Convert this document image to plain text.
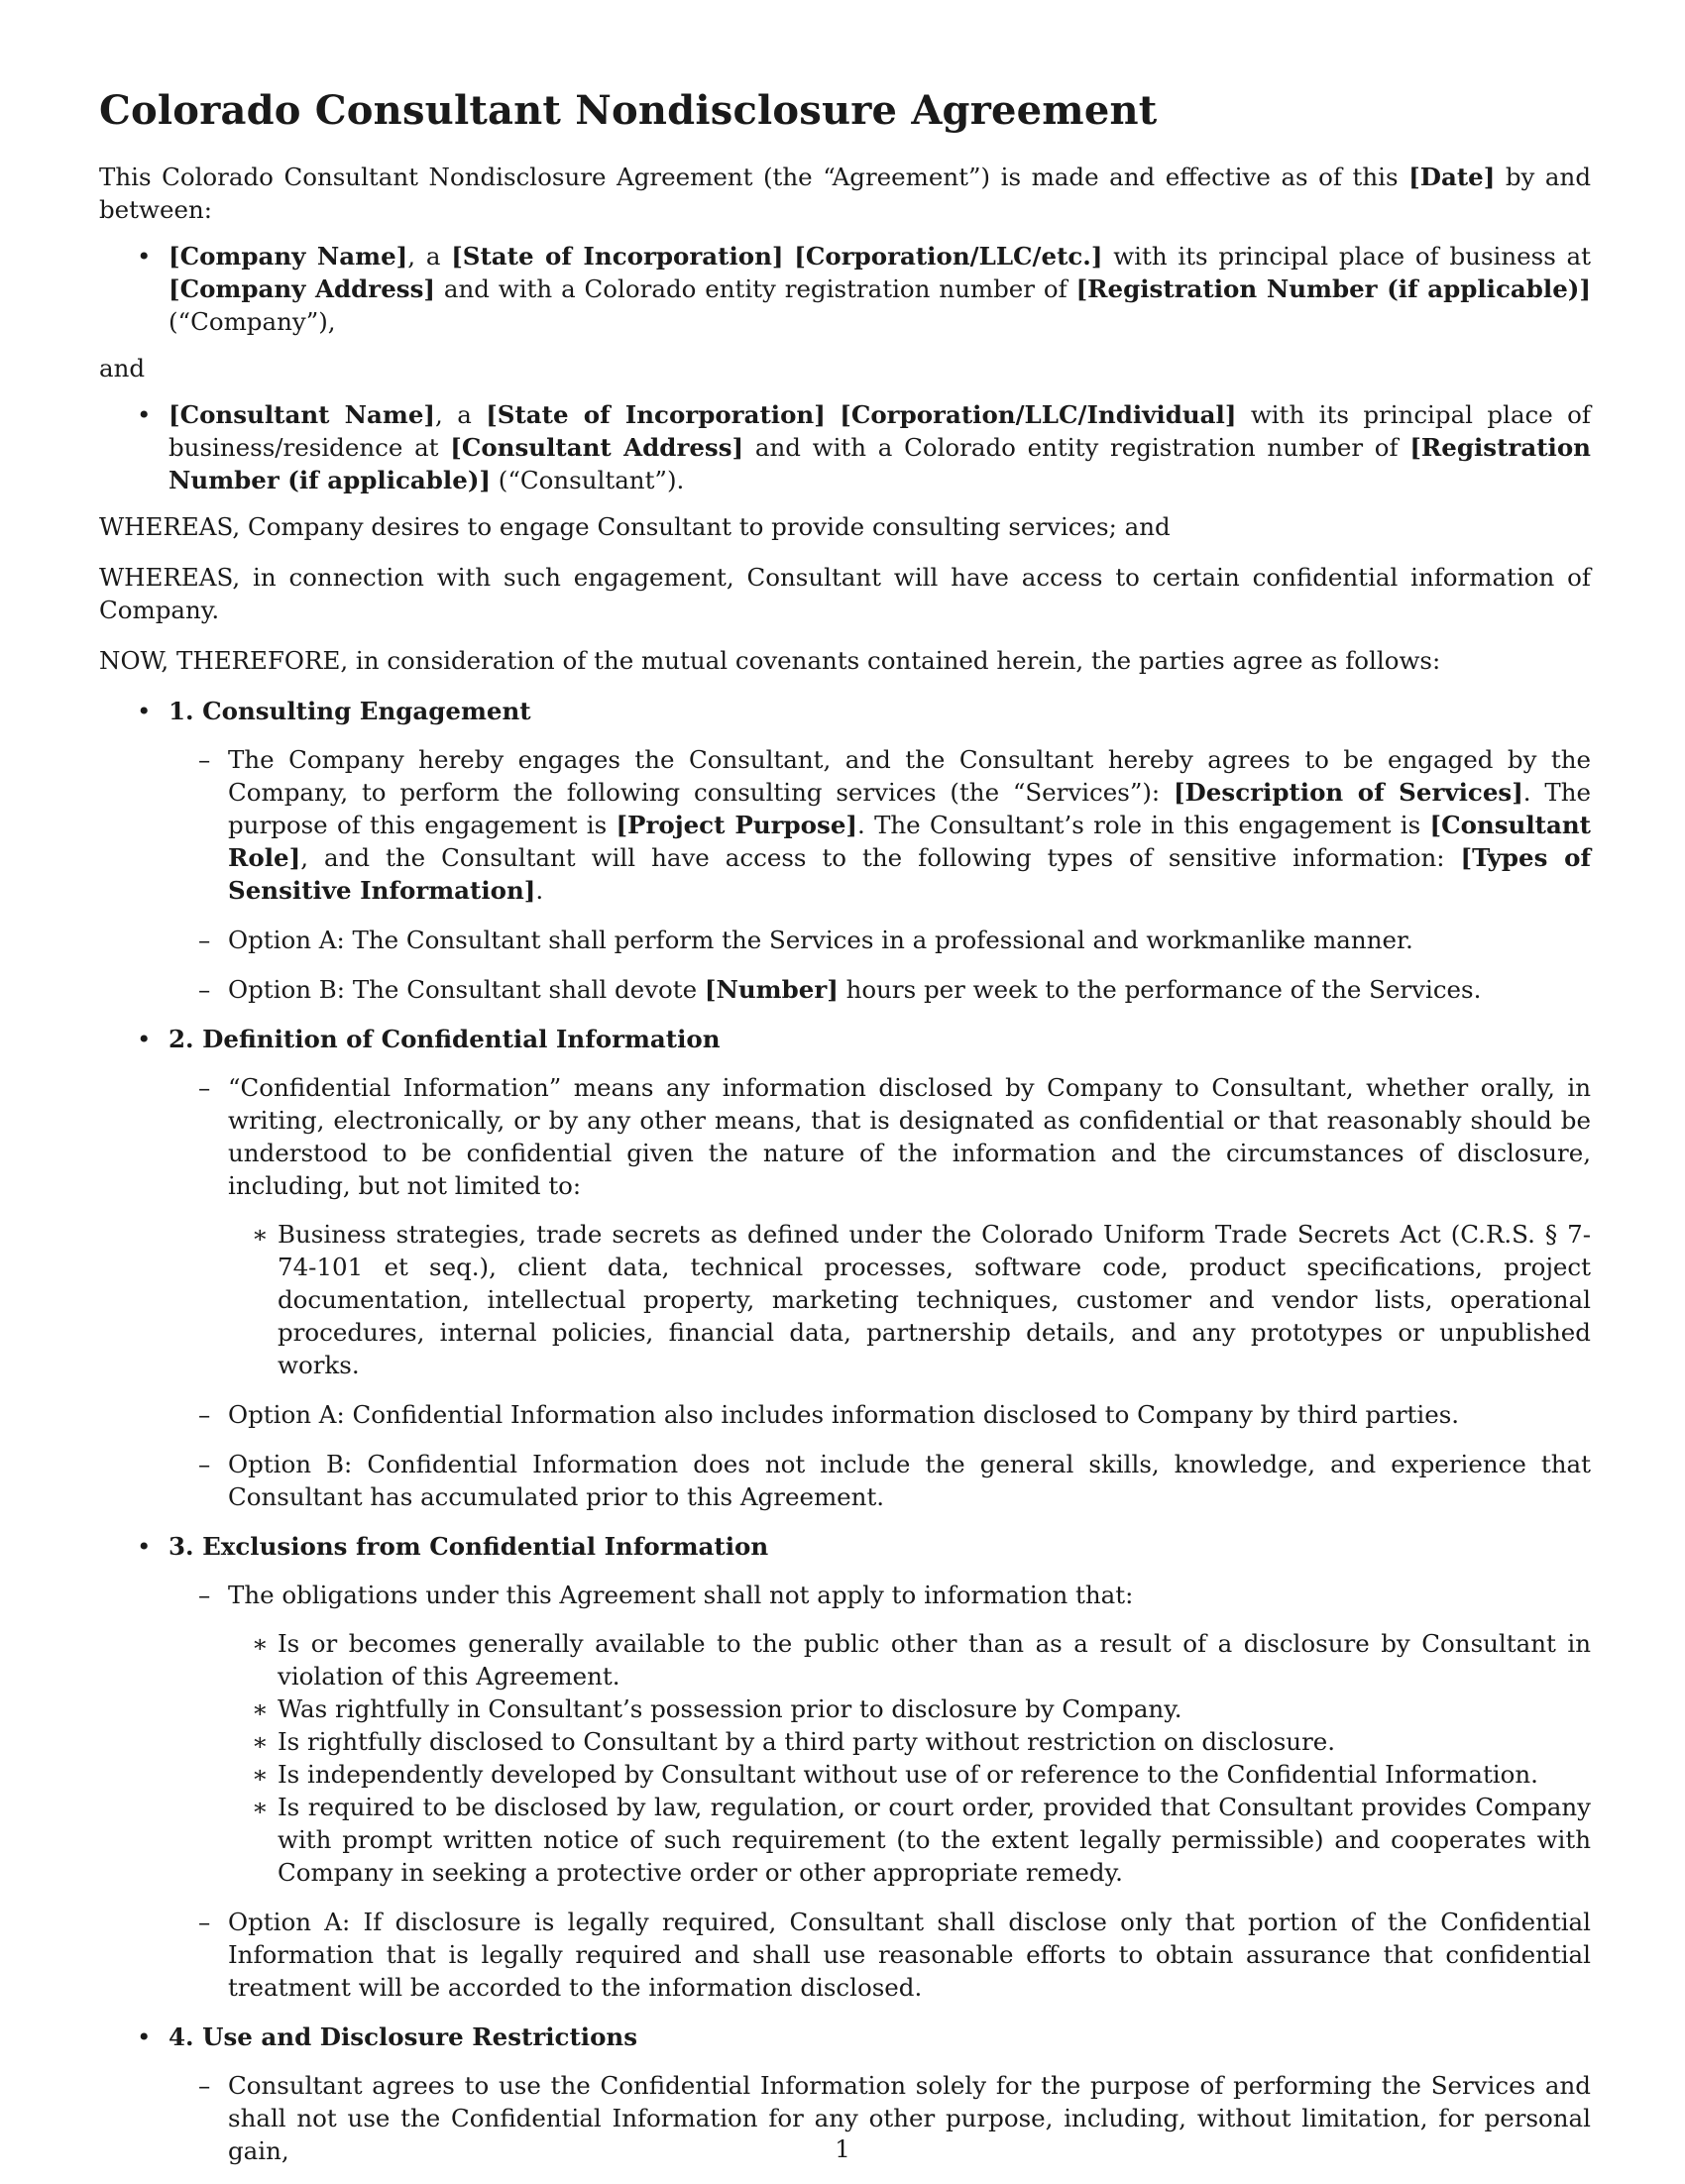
Colorado Consultant Nondisclosure Agreement

This Colorado Consultant Nondisclosure Agreement (the “Agreement”) is made and effective as of this [Date] by and between:

• [Company Name], a [State of Incorporation] [Corporation/LLC/etc.] with its principal place of business at [Company Address] and with a Colorado entity registration number of [Registration Number (if applicable)] (“Company”),

and

• [Consultant Name], a [State of Incorporation] [Corporation/LLC/Individual] with its principal place of business/residence at [Consultant Address] and with a Colorado entity registration number of [Registration Number (if applicable)] (“Consultant”).

WHEREAS, Company desires to engage Consultant to provide consulting services; and

WHEREAS, in connection with such engagement, Consultant will have access to certain confidential information of Company.

NOW, THEREFORE, in consideration of the mutual covenants contained herein, the parties agree as follows:

• 1. Consulting Engagement
– The Company hereby engages the Consultant, and the Consultant hereby agrees to be engaged by the Company, to perform the following consulting services (the “Services”): [Description of Services]. The purpose of this engagement is [Project Purpose]. The Consultant’s role in this engagement is [Consultant Role], and the Consultant will have access to the following types of sensitive information: [Types of Sensitive Information].
– Option A: The Consultant shall perform the Services in a professional and workmanlike manner.
– Option B: The Consultant shall devote [Number] hours per week to the performance of the Services.
• 2. Definition of Confidential Information
– “Confidential Information” means any information disclosed by Company to Consultant, whether orally, in writing, electronically, or by any other means, that is designated as confidential or that reasonably should be understood to be confidential given the nature of the information and the circumstances of disclosure, including, but not limited to:
∗ Business strategies, trade secrets as defined under the Colorado Uniform Trade Secrets Act (C.R.S. § 7-74-101 et seq.), client data, technical processes, software code, product specifications, project documentation, intellectual property, marketing techniques, customer and vendor lists, operational procedures, internal policies, financial data, partnership details, and any prototypes or unpublished works.
– Option A: Confidential Information also includes information disclosed to Company by third parties.
– Option B: Confidential Information does not include the general skills, knowledge, and experience that Consultant has accumulated prior to this Agreement.
• 3. Exclusions from Confidential Information
– The obligations under this Agreement shall not apply to information that:
∗ Is or becomes generally available to the public other than as a result of a disclosure by Consultant in violation of this Agreement.
∗ Was rightfully in Consultant’s possession prior to disclosure by Company.
∗ Is rightfully disclosed to Consultant by a third party without restriction on disclosure.
∗ Is independently developed by Consultant without use of or reference to the Confidential Information.
∗ Is required to be disclosed by law, regulation, or court order, provided that Consultant provides Company with prompt written notice of such requirement (to the extent legally permissible) and cooperates with Company in seeking a protective order or other appropriate remedy.
– Option A: If disclosure is legally required, Consultant shall disclose only that portion of the Confidential Information that is legally required and shall use reasonable efforts to obtain assurance that confidential treatment will be accorded to the information disclosed.
• 4. Use and Disclosure Restrictions
– Consultant agrees to use the Confidential Information solely for the purpose of performing the Services and shall not use the Confidential Information for any other purpose, including, without limitation, for personal gain,	1
